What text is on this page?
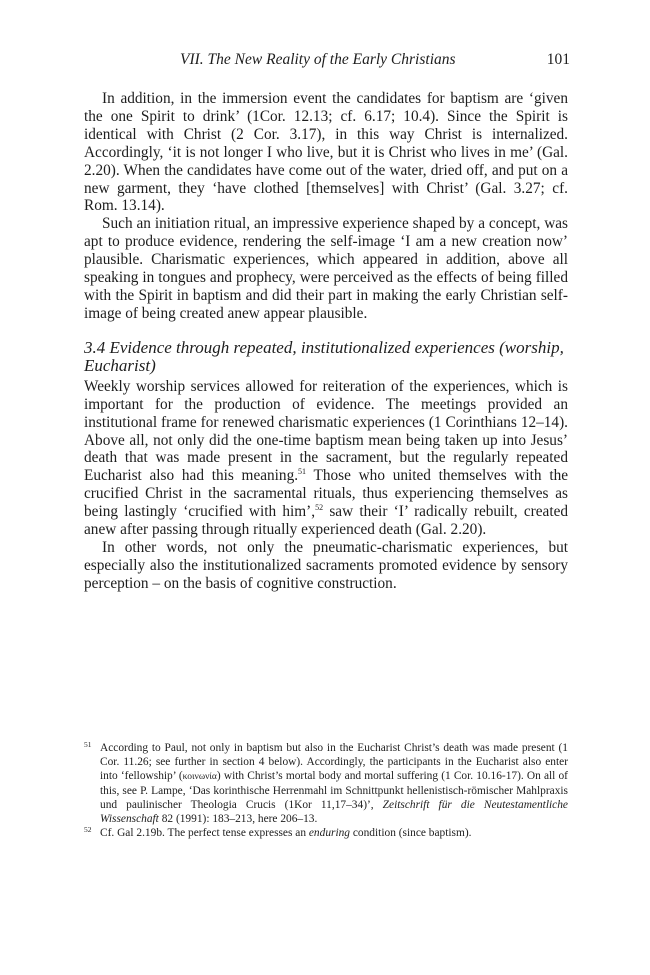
VII. The New Reality of the Early Christians	101

In addition, in the immersion event the candidates for baptism are ‘given the one Spirit to drink’ (1Cor. 12.13; cf. 6.17; 10.4). Since the Spirit is identical with Christ (2 Cor. 3.17), in this way Christ is internalized. Accordingly, ‘it is not longer I who live, but it is Christ who lives in me’ (Gal. 2.20). When the candidates have come out of the water, dried off, and put on a new garment, they ‘have clothed [themselves] with Christ’ (Gal. 3.27; cf. Rom. 13.14).

Such an initiation ritual, an impressive experience shaped by a concept, was apt to produce evidence, rendering the self-image ‘I am a new creation now’ plausible. Charismatic experiences, which appeared in addition, above all speaking in tongues and prophecy, were perceived as the effects of being filled with the Spirit in baptism and did their part in making the early Christian self-image of being created anew appear plausible.

3.4 Evidence through repeated, institutionalized experiences (worship, Eucharist)

Weekly worship services allowed for reiteration of the experiences, which is important for the production of evidence. The meetings provided an institutional frame for renewed charismatic experiences (1 Corinthians 12–14). Above all, not only did the one-time baptism mean being taken up into Jesus’ death that was made present in the sacrament, but the regularly repeated Eucharist also had this meaning.$^{51}$ Those who united themselves with the crucified Christ in the sacramental rituals, thus experiencing themselves as being lastingly ‘crucified with him’,$^{52}$ saw their ‘I’ radically rebuilt, created anew after passing through ritually experienced death (Gal. 2.20).

In other words, not only the pneumatic-charismatic experiences, but especially also the institutionalized sacraments promoted evidence by sensory perception – on the basis of cognitive construction.

51 According to Paul, not only in baptism but also in the Eucharist Christ’s death was made present (1 Cor. 11.26; see further in section 4 below). Accordingly, the participants in the Eucharist also enter into ‘fellowship’ (κοινωνία) with Christ’s mortal body and mortal suffering (1 Cor. 10.16-17). On all of this, see P. Lampe, ‘Das korinthische Herrenmahl im Schnittpunkt hellenistisch-römischer Mahlpraxis und paulinischer Theologia Crucis (1Kor 11,17–34)’, Zeitschrift für die Neutestamentliche Wissenschaft 82 (1991): 183–213, here 206–13.
52 Cf. Gal 2.19b. The perfect tense expresses an enduring condition (since baptism).
